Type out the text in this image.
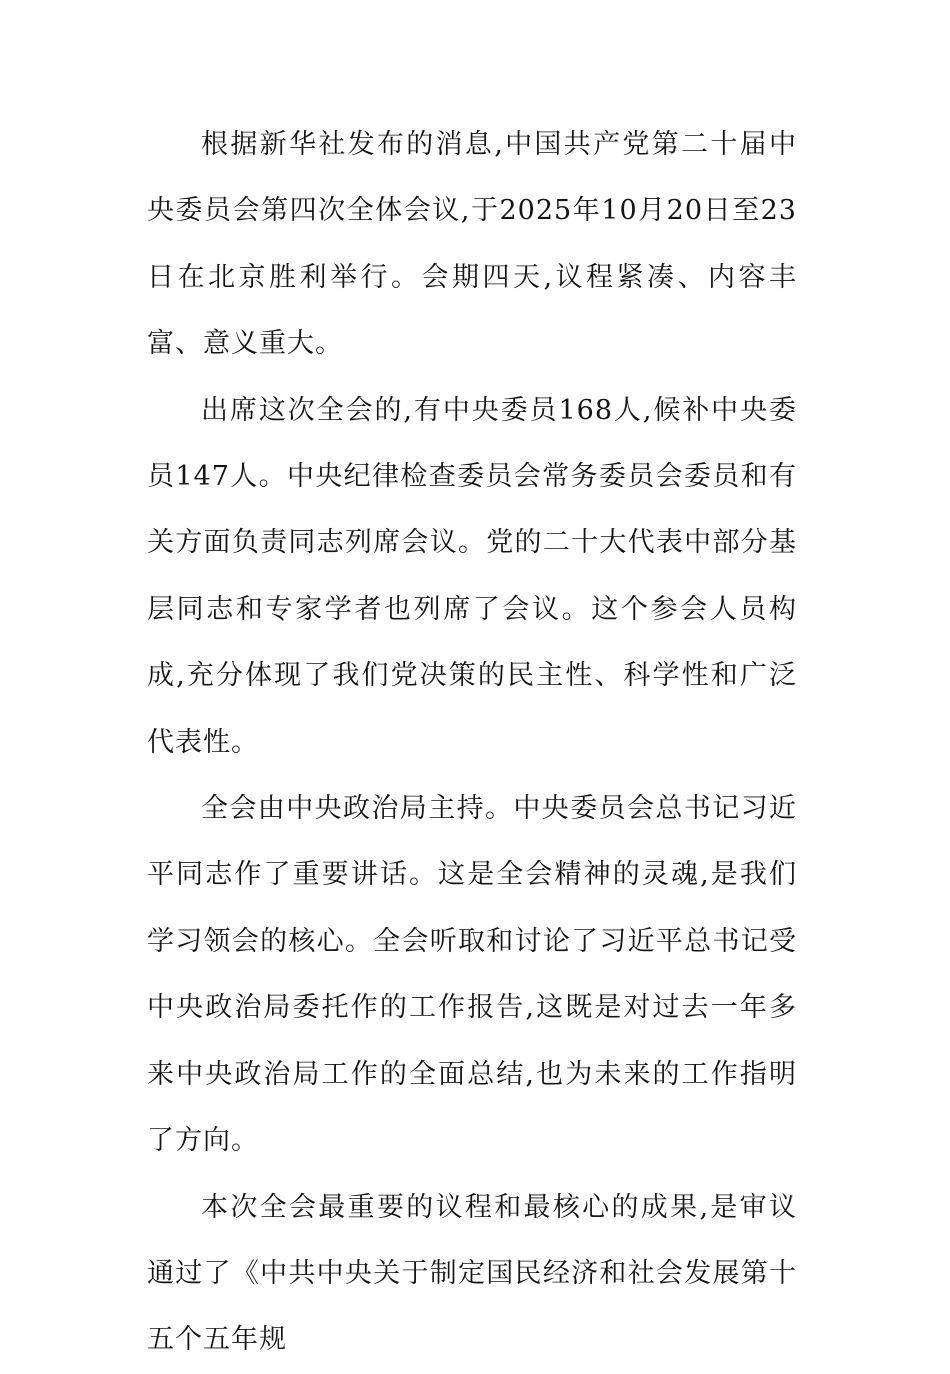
根据新华社发布的消息,中国共产党第二十届中央委员会第四次全体会议,于2025年10月20日至23日在北京胜利举行。会期四天,议程紧凑、内容丰富、意义重大。

出席这次全会的,有中央委员168人,候补中央委员147人。中央纪律检查委员会常务委员会委员和有关方面负责同志列席会议。党的二十大代表中部分基层同志和专家学者也列席了会议。这个参会人员构成,充分体现了我们党决策的民主性、科学性和广泛代表性。

全会由中央政治局主持。中央委员会总书记习近平同志作了重要讲话。这是全会精神的灵魂,是我们学习领会的核心。全会听取和讨论了习近平总书记受中央政治局委托作的工作报告,这既是对过去一年多来中央政治局工作的全面总结,也为未来的工作指明了方向。

本次全会最重要的议程和最核心的成果,是审议通过了《中共中央关于制定国民经济和社会发展第十五个五年规
